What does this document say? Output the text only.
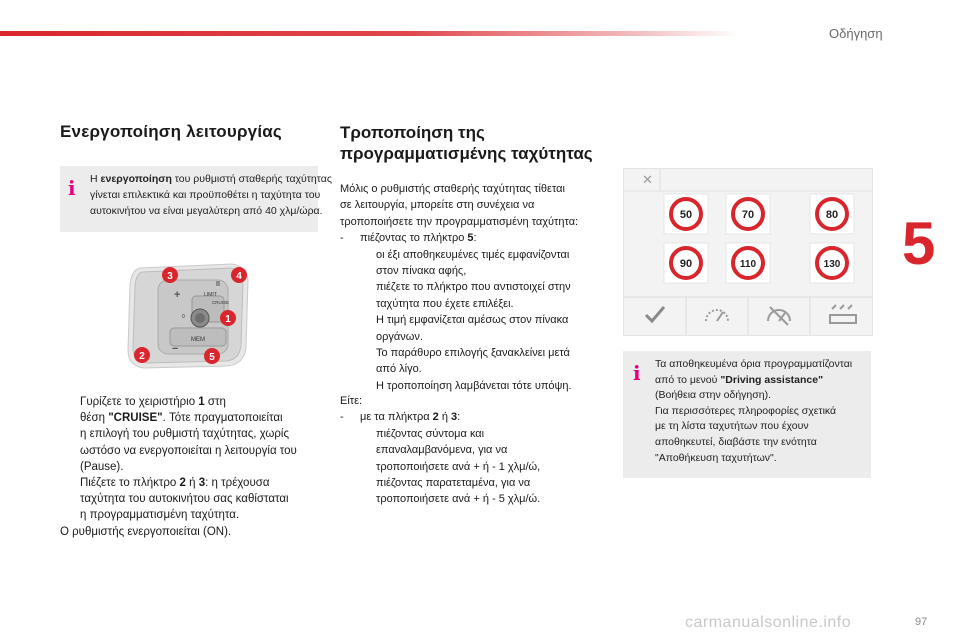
Οδήγηση
5
Ενεργοποίηση λειτουργίας
i Η ενεργοποίηση του ρυθμιστή σταθερής ταχύτητας
γίνεται επιλεκτικά και προϋποθέτει η ταχύτητα του
αυτοκινήτου να είναι μεγαλύτερη από 40 χλμ/ώρα.
MEM
LIMIT
0
CRUISE
+
−
II
3	4
1
2	5
Γυρίζετε το χειριστήριο 1 στη
θέση "CRUISE". Τότε πραγματοποιείται
η επιλογή του ρυθμιστή ταχύτητας, χωρίς
ωστόσο να ενεργοποιείται η λειτουργία του
(Pause).
Πιέζετε το πλήκτρο 2 ή 3: η τρέχουσα
ταχύτητα του αυτοκινήτου σας καθίσταται
η προγραμματισμένη ταχύτητα.
Ο ρυθμιστής ενεργοποιείται (ON).
Τροποποίηση της
προγραμματισμένης ταχύτητας
Μόλις ο ρυθμιστής σταθερής ταχύτητας τίθεται
σε λειτουργία, μπορείτε στη συνέχεια να
τροποποιήσετε την προγραμματισμένη ταχύτητα:
- πιέζοντας το πλήκτρο 5:
οι έξι αποθηκευμένες τιμές εμφανίζονται
στον πίνακα αφής,
πιέζετε το πλήκτρο που αντιστοιχεί στην
ταχύτητα που έχετε επιλέξει.
Η τιμή εμφανίζεται αμέσως στον πίνακα
οργάνων.
Το παράθυρο επιλογής ξανακλείνει μετά
από λίγο.
Η τροποποίηση λαμβάνεται τότε υπόψη.
Είτε:
- με τα πλήκτρα 2 ή 3:
πιέζοντας σύντομα και
επαναλαμβανόμενα, για να
τροποποιήσετε ανά + ή - 1 χλμ/ώ,
πιέζοντας παρατεταμένα, για να
τροποποιήσετε ανά + ή - 5 χλμ/ώ.
✕
50	70	80
90	110	130
i Τα αποθηκευμένα όρια προγραμματίζονται
από το μενού "Driving assistance"
(Βοήθεια στην οδήγηση).
Για περισσότερες πληροφορίες σχετικά
με τη λίστα ταχυτήτων που έχουν
αποθηκευτεί, διαβάστε την ενότητα
"Αποθήκευση ταχυτήτων".
carmanualsonline.info	97
